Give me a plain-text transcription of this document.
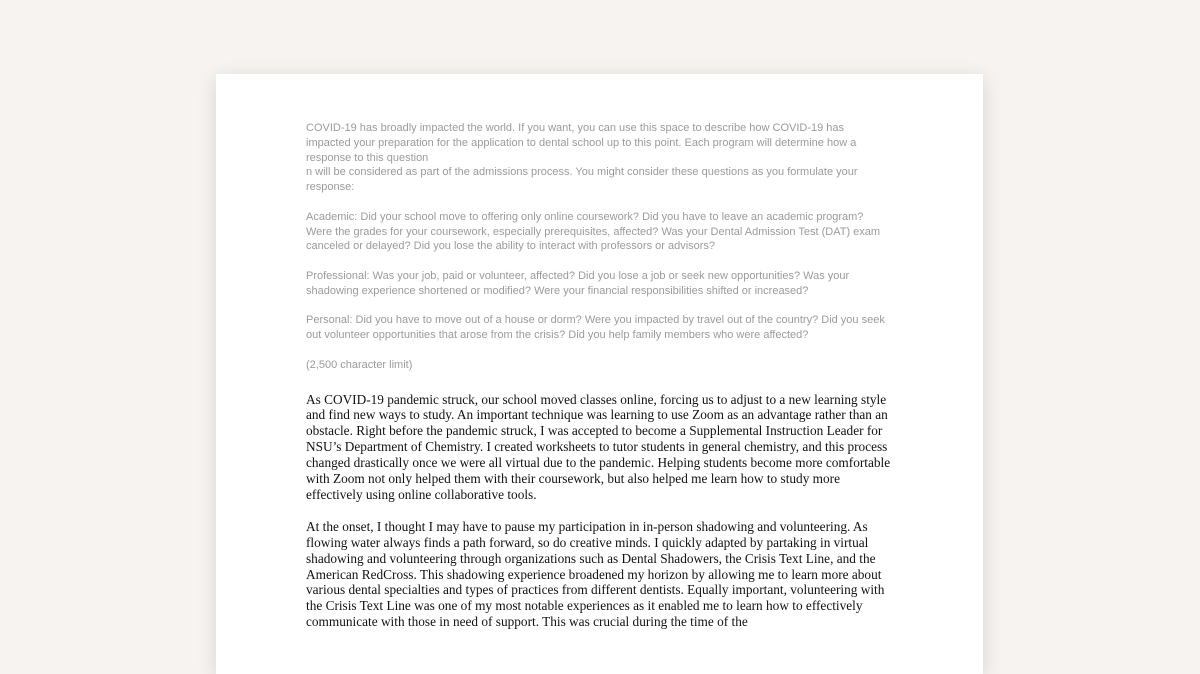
COVID-19 has broadly impacted the world. If you want, you can use this space to describe how COVID-19 has impacted your preparation for the application to dental school up to this point. Each program will determine how a response to this question

n will be considered as part of the admissions process. You might consider these questions as you formulate your response:

Academic: Did your school move to offering only online coursework? Did you have to leave an academic program? Were the grades for your coursework, especially prerequisites, affected? Was your Dental Admission Test (DAT) exam canceled or delayed? Did you lose the ability to interact with professors or advisors?

Professional: Was your job, paid or volunteer, affected? Did you lose a job or seek new opportunities? Was your shadowing experience shortened or modified? Were your financial responsibilities shifted or increased?

Personal: Did you have to move out of a house or dorm? Were you impacted by travel out of the country? Did you seek out volunteer opportunities that arose from the crisis? Did you help family members who were affected?

(2,500 character limit)

As COVID-19 pandemic struck, our school moved classes online, forcing us to adjust to a new learning style and find new ways to study. An important technique was learning to use Zoom as an advantage rather than an obstacle. Right before the pandemic struck, I was accepted to become a Supplemental Instruction Leader for NSU’s Department of Chemistry. I created worksheets to tutor students in general chemistry, and this process changed drastically once we were all virtual due to the pandemic. Helping students become more comfortable with Zoom not only helped them with their coursework, but also helped me learn how to study more effectively using online collaborative tools.

At the onset, I thought I may have to pause my participation in in-person shadowing and volunteering. As flowing water always finds a path forward, so do creative minds. I quickly adapted by partaking in virtual shadowing and volunteering through organizations such as Dental Shadowers, the Crisis Text Line, and the American RedCross. This shadowing experience broadened my horizon by allowing me to learn more about various dental specialties and types of practices from different dentists. Equally important, volunteering with the Crisis Text Line was one of my most notable experiences as it enabled me to learn how to effectively communicate with those in need of support. This was crucial during the time of the
